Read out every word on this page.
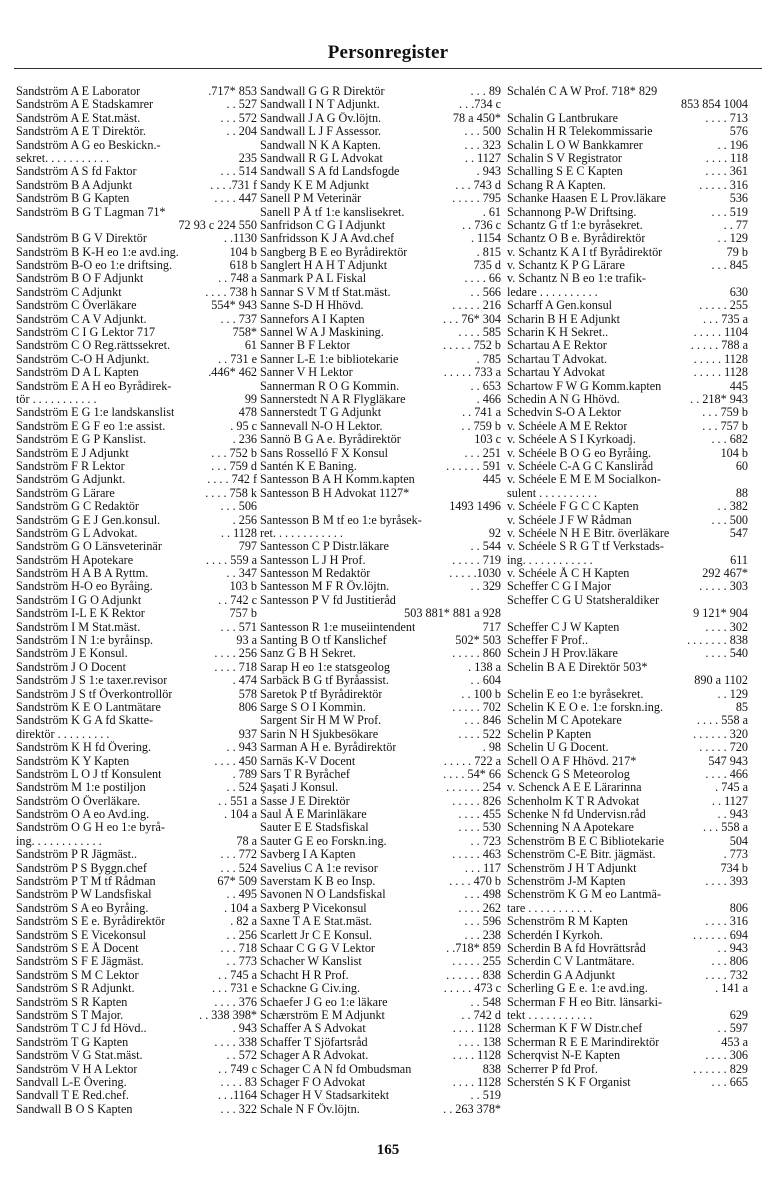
Personregister
Sandström A E Laborator	.717* 853
Sandström A E Stadskamrer	. . 527
Sandström A E Stat.mäst.	. . . 572
Sandström A E T Direktör.	. . 204
Sandström A G eo Beskickn.-
sekret. . . . . . . . . . .	235
Sandström A S fd Faktor	. . . 514
Sandström B A Adjunkt	. . . .731 f
Sandström B G Kapten	. . . . 447
Sandström B G T Lagman 71*
72 93 c 224 550
Sandström B G V Direktör	. .1130
Sandström B K-H eo 1:e avd.ing.	104 b
Sandström B-O eo 1:e driftsing.	618 b
Sandström B O F Adjunkt	. . 748 a
Sandström C Adjunkt	. . . . 738 h
Sandström C Överläkare	554* 943
Sandström C A V Adjunkt.	. . . 737
Sandström C I G Lektor 717	758*
Sandström C O Reg.rättssekret.	61
Sandström C-O H Adjunkt.	. . 731 e
Sandström D A L Kapten	.446* 462
Sandström E A H eo Byrådirek-
tör . . . . . . . . . . .	99
Sandström E G 1:e landskanslist	478
Sandström E G F eo 1:e assist.	. 95 c
Sandström E G P Kanslist.	. 236
Sandström E J Adjunkt	. . . 752 b
Sandström F R Lektor	. . . 759 d
Sandström G Adjunkt.	. . . . 742 f
Sandström G Lärare	. . . . 758 k
Sandström G C Redaktör	. . . 506
Sandström G E J Gen.konsul.	. 256
Sandström G L Advokat.	. . 1128
Sandström G O Länsveterinär	797
Sandström H Apotekare	. . . . 559 a
Sandström H A B A Ryttm.	. . 347
Sandström H-O eo Byråing.	103 b
Sandström I G O Adjunkt	. . 742 c
Sandström I-L E K Rektor	757 b
Sandström I M Stat.mäst.	. . . 571
Sandström I N 1:e byråinsp.	93 a
Sandström J E Konsul.	. . . . 256
Sandström J O Docent	. . . . 718
Sandström J S 1:e taxer.revisor	. 474
Sandström J S tf Överkontrollör	578
Sandström K E O Lantmätare	806
Sandström K G A fd Skatte-
direktör . . . . . . . . .	937
Sandström K H fd Övering.	. . 943
Sandström K Y Kapten	. . . . 450
Sandström L O J tf Konsulent	. 789
Sandström M 1:e postiljon	. . 524
Sandström O Överläkare.	. . 551 a
Sandström O A eo Avd.ing.	. 104 a
Sandström O G H eo 1:e byrå-
ing. . . . . . . . . . . .	78 a
Sandström P R Jägmäst..	. . . 772
Sandström P S Byggn.chef	. . . 524
Sandström P T M tf Rådman	67* 509
Sandström P W Landsfiskal	. . 495
Sandström S A eo Byråing.	. 104 a
Sandström S E e. Byrådirektör	. 82 a
Sandström S E Vicekonsul	. . 256
Sandström S E Å Docent	. . . 718
Sandström S F E Jägmäst.	. . 773
Sandström S M C Lektor	. . 745 a
Sandström S R Adjunkt.	. . . 731 e
Sandström S R Kapten	. . . . 376
Sandström S T Major.	. . 338 398*
Sandström T C J fd Hövd..	. 943
Sandström T G Kapten	. . . . 338
Sandström V G Stat.mäst.	. . 572
Sandström V H A Lektor	. . 749 c
Sandvall L-E Övering.	. . . . 83
Sandvall T E Red.chef.	. . .1164
Sandwall B O S Kapten	. . . 322
Sandwall G G R Direktör	. . . 89
Sandwall I N T Adjunkt.	. . .734 c
Sandwall J A G Öv.löjtn.	78 a 450*
Sandwall L J F Assessor.	. . . 500
Sandwall N K A Kapten.	. . . 323
Sandwall R G L Advokat	. . 1127
Sandwall S A fd Landsfogde	. 943
Sandy K E M Adjunkt	. . . 743 d
Sanell P M Veterinär	. . . . . 795
Sanell P Å tf 1:e kanslisekret.	. 61
Sanfridson C G I Adjunkt	. . 736 c
Sanfridsson K J A Avd.chef	. 1154
Sangberg B E eo Byrådirektör	. 815
Sanglert H A H T Adjunkt	735 d
Sanmark P A L Fiskal	. . . . 66
Sannar S V M tf Stat.mäst.	. . 566
Sanne S-D H Hhövd.	. . . . . 216
Sannefors A I Kapten	. . . 76* 304
Sannel W A J Maskining.	. . . . 585
Sanner B F Lektor	. . . . . 752 b
Sanner L-E 1:e bibliotekarie	. 785
Sanner V H Lektor	. . . . . 733 a
Sannerman R O G Kommin.	. . 653
Sannerstedt N A R Flygläkare	. 466
Sannerstedt T G Adjunkt	. . 741 a
Sannevall N-O H Lektor.	. . 759 b
Sannö B G A e. Byrådirektör	103 c
Sans Rosselló F X Konsul	. . . 251
Santén K E Baning.	. . . . . . 591
Santesson B A H Komm.kapten	445
Santesson B H Advokat 1127*
1493 1496
Santesson B M tf eo 1:e byråsek-
ret. . . . . . . . . . . .	92
Santesson C P Distr.läkare	. . 544
Santesson L J H Prof.	. . . . . 719
Santesson M Redaktör	. . . . .1030
Santesson M F R Öv.löjtn.	. . 329
Santesson P V fd Justitieråd
503 881* 881 a 928
Santesson R 1:e museiintendent	717
Santing B O tf Kanslichef	502* 503
Sanz G B H Sekret.	. . . . . 860
Sarap H eo 1:e statsgeolog	. 138 a
Sarbäck B G tf Byråassist.	. . 604
Saretok P tf Byrådirektör	. . 100 b
Sarge S O I Kommin.	. . . . . 702
Sargent Sir H M W Prof.	. . . 846
Sarin N H Sjukbesökare	. . . . 522
Sarman A H e. Byrådirektör	. 98
Sarnäs K-V Docent	. . . . . 722 a
Sars T R Byråchef	. . . . 54* 66
Şaşati J Konsul.	. . . . . . 254
Sasse J E Direktör	. . . . . 826
Saul Å E Marinläkare	. . . . 455
Sauter E E Stadsfiskal	. . . . 530
Sauter G E eo Forskn.ing.	. . 723
Savberg I A Kapten	. . . . . 463
Savelius C A 1:e revisor	. . . 117
Saverstam K B eo Insp.	. . . . 470 b
Savonen N O Landsfiskal	. . . 498
Saxberg P Vicekonsul	. . . . 262
Saxne T A E Stat.mäst.	. . . 596
Scarlett Jr C E Konsul.	. . . 238
Schaar C G G V Lektor	. .718* 859
Schacher W Kanslist	. . . . . 255
Schacht H R Prof.	. . . . . . 838
Schackne G Civ.ing.	. . . . . 473 c
Schaefer J G eo 1:e läkare	. . 548
Schærström E M Adjunkt	. . 742 d
Schaffer A S Advokat	. . . . 1128
Schaffer T Sjöfartsråd	. . . . 138
Schager A R Advokat.	. . . . 1128
Schager C A N fd Ombudsman	838
Schager F O Advokat	. . . . 1128
Schager H V Stadsarkitekt	. . 519
Schale N F Öv.löjtn.	. . 263 378*
Schalén C A W Prof. 718* 829
853 854 1004
Schalin G Lantbrukare	. . . . 713
Schalin H R Telekommissarie	576
Schalin L O W Bankkamrer	. . 196
Schalin S V Registrator	. . . . 118
Schalling S E C Kapten	. . . . 361
Schang R A Kapten.	. . . . . 316
Schanke Haasen E L Prov.läkare	536
Schannong P-W Driftsing.	. . . 519
Schantz G tf 1:e byråsekret.	. . 77
Schantz O B e. Byrådirektör	. . 129
v. Schantz K A I tf Byrådirektör	79 b
v. Schantz K P G Lärare	. . . 845
v. Schantz N B eo 1:e trafik-
ledare . . . . . . . . . .	630
Scharff A Gen.konsul	. . . . . 255
Scharin B H E Adjunkt	. . . 735 a
Scharin K H Sekret..	. . . . . 1104
Schartau A E Rektor	. . . . . 788 a
Schartau T Advokat.	. . . . . 1128
Schartau Y Advokat	. . . . . 1128
Schartow F W G Komm.kapten	445
Schedin A N G Hhövd.	. . 218* 943
Schedvin S-O A Lektor	. . . 759 b
v. Schéele A M E Rektor	. . . 757 b
v. Schéele A S I Kyrkoadj.	. . . 682
v. Schéele B O G eo Byråing.	104 b
v. Schéele C-A G C Kansliråd	60
v. Schéele E M E M Socialkon-
sulent . . . . . . . . . .	88
v. Schéele F G C C Kapten	. . 382
v. Schéele J F W Rådman	. . . 500
v. Schéele N H E Bitr. överläkare	547
v. Schéele S R G T tf Verkstads-
ing. . . . . . . . . . . .	611
v. Schéele Å C H Kapten	292 467*
Scheffer C G I Major	. . . . . 303
Scheffer C G U Statsheraldiker
9 121* 904
Scheffer C J W Kapten	. . . . 302
Scheffer F Prof..	. . . . . . . 838
Schein J H Prov.läkare	. . . . 540
Schelin B A E Direktör 503*
890 a 1102
Schelin E eo 1:e byråsekret.	. . 129
Schelin K E O e. 1:e forskn.ing.	85
Schelin M C Apotekare	. . . . 558 a
Schelin P Kapten	. . . . . . 320
Schelin U G Docent.	. . . . . 720
Schell O A F Hhövd. 217*	547 943
Schenck G S Meteorolog	. . . . 466
v. Schenck A E E Lärarinna	. 745 a
Schenholm K T R Advokat	. . 1127
Schenke N fd Undervisn.råd	. . 943
Schenning N A Apotekare	. . . 558 a
Schenström B E C Bibliotekarie	504
Schenström C-E Bitr. jägmäst.	. 773
Schenström J H T Adjunkt	734 b
Schenström J-M Kapten	. . . . 393
Schenström K G M eo Lantmä-
tare . . . . . . . . . . .	806
Schenström R M Kapten	. . . . 316
Scherdén I Kyrkoh.	. . . . . . 694
Scherdin B A fd Hovrättsråd	. . 943
Scherdin C V Lantmätare.	. . . 806
Scherdin G A Adjunkt	. . . . 732
Scherling G E e. 1:e avd.ing.	. 141 a
Scherman F H eo Bitr. länsarki-
tekt . . . . . . . . . . .	629
Scherman K F W Distr.chef	. . 597
Scherman R E E Marindirektör	453 a
Scherqvist N-E Kapten	. . . . 306
Scherrer P fd Prof.	. . . . . . 829
Scherstén S K F Organist	. . . 665
165
